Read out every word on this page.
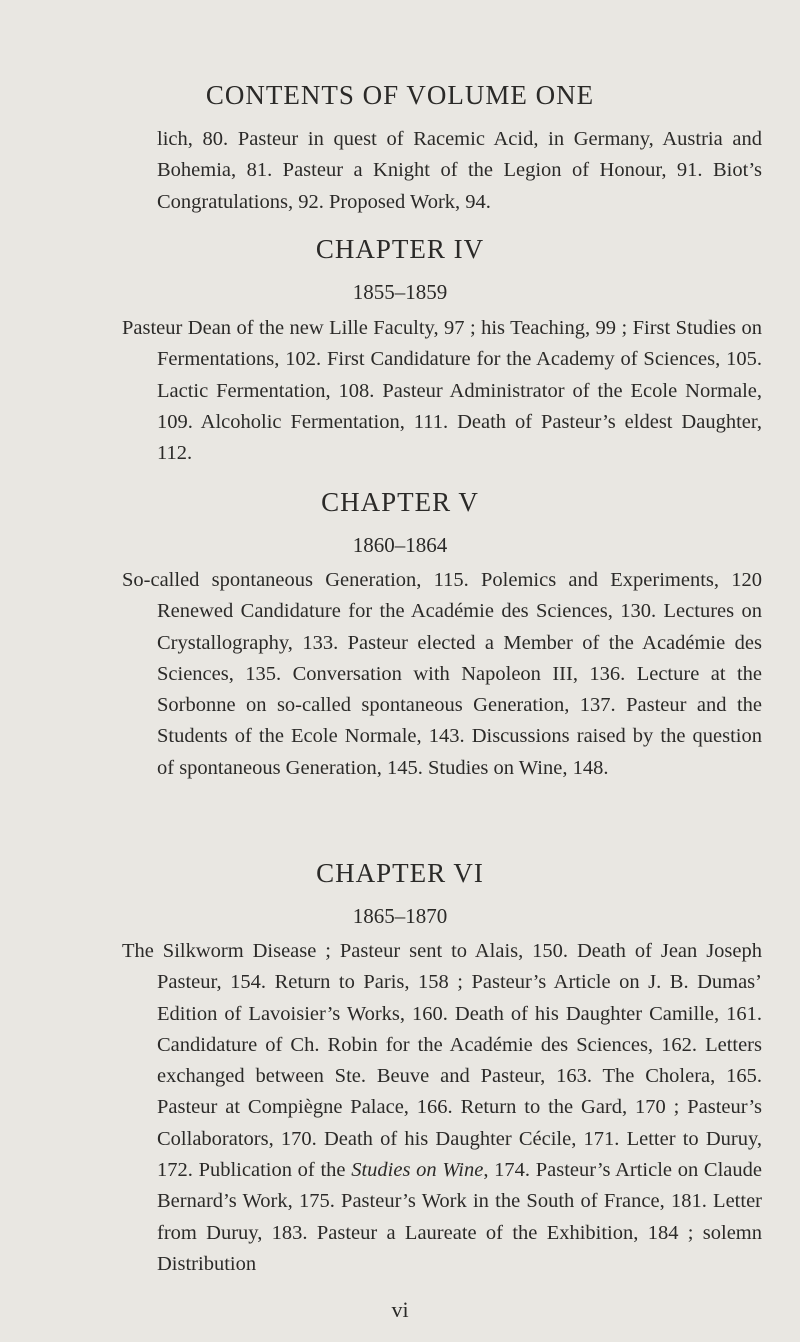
CONTENTS OF VOLUME ONE

lich, 80. Pasteur in quest of Racemic Acid, in Germany, Austria and Bohemia, 81. Pasteur a Knight of the Legion of Honour, 91. Biot’s Congratulations, 92. Proposed Work, 94.

CHAPTER IV
1855–1859

Pasteur Dean of the new Lille Faculty, 97 ; his Teaching, 99 ; First Studies on Fermentations, 102. First Candidature for the Academy of Sciences, 105. Lactic Fermentation, 108. Pasteur Administrator of the Ecole Normale, 109. Alcoholic Fermentation, 111. Death of Pasteur’s eldest Daughter, 112.

CHAPTER V
1860–1864

So-called spontaneous Generation, 115. Polemics and Experiments, 120 Renewed Candidature for the Académie des Sciences, 130. Lectures on Crystallography, 133. Pasteur elected a Member of the Académie des Sciences, 135. Conversation with Napoleon III, 136. Lecture at the Sorbonne on so-called spontaneous Generation, 137. Pasteur and the Students of the Ecole Normale, 143. Discussions raised by the question of spontaneous Generation, 145. Studies on Wine, 148.

CHAPTER VI
1865–1870

The Silkworm Disease ; Pasteur sent to Alais, 150. Death of Jean Joseph Pasteur, 154. Return to Paris, 158 ; Pasteur’s Article on J. B. Dumas’ Edition of Lavoisier’s Works, 160. Death of his Daughter Camille, 161. Candidature of Ch. Robin for the Académie des Sciences, 162. Letters exchanged between Ste. Beuve and Pasteur, 163. The Cholera, 165. Pasteur at Compiègne Palace, 166. Return to the Gard, 170 ; Pasteur’s Collaborators, 170. Death of his Daughter Cécile, 171. Letter to Duruy, 172. Publication of the Studies on Wine, 174. Pasteur’s Article on Claude Bernard’s Work, 175. Pasteur’s Work in the South of France, 181. Letter from Duruy, 183. Pasteur a Laureate of the Exhibition, 184 ; solemn Distribution

vi
